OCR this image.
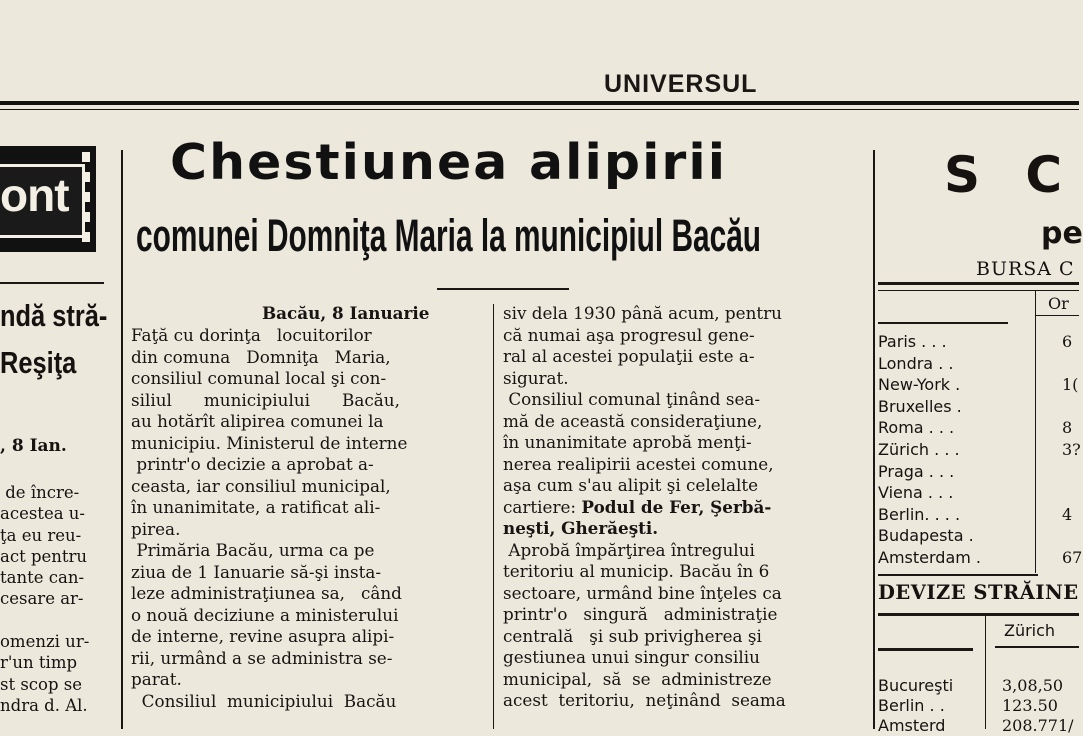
UNIVERSUL
ont
ndă stră-
Reşiţa
, 8 Ian.
de încre-
acestea u-
ţa eu reu-
act pentru
tante can-
cesare ar-

omenzi ur-
r'un timp
st scop se
ndra d. Al.
Chestiunea alipirii
comunei Domniţa Maria la municipiul Bacău
Bacău, 8 Ianuarie
Faţă cu dorinţa   locuitorilor
din comuna   Domniţa   Maria,
consiliul comunal local şi con-
siliul      municipiului      Bacău,
au hotărît alipirea comunei la
municipiu. Ministerul de interne
printr'o decizie a aprobat a-
ceasta, iar consiliul municipal,
în unanimitate, a ratificat ali-
pirea.
Primăria Bacău, urma ca pe
ziua de 1 Ianuarie să-şi insta-
leze administraţiunea sa,   când
o nouă deciziune a ministerului
de interne, revine asupra alipi-
rii, urmând a se administra se-
parat.
Consiliul  municipiului  Bacău
siv dela 1930 până acum, pentru
că numai aşa progresul gene-
ral al acestei populaţii este a-
sigurat.
Consiliul comunal ţinând sea-
mă de această consideraţiune,
în unanimitate aprobă menţi-
nerea realipirii acestei comune,
aşa cum s'au alipit şi celelalte
cartiere: Podul de Fer, Şerbă-
neşti, Gherăeşti.
Aprobă împărţirea întregului
teritoriu al municip. Bacău în 6
sectoare, urmând bine înţeles ca
printr'o   singură   administraţie
centrală   şi sub privigherea şi
gestiunea unui singur consiliu
municipal,  să  se  administreze
acest  teritoriu,  neţinând  seama
S C
pe
BURSA C
Or
Paris . . .
Londra . .
New-York .
Bruxelles .
Roma . . .
Zürich . . .
Praga . . .
Viena . . .
Berlin. . . .
Budapesta .
Amsterdam .
6
1(
8
3?
4
67
DEVIZE STRĂINE
Zürich
Bucureşti
Berlin . .
Amsterd
3,08,50
123.50
208.771/
